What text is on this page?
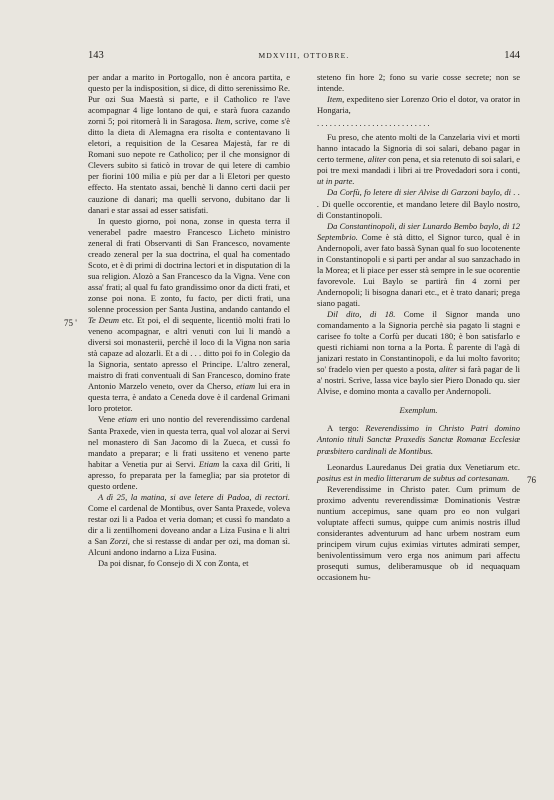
143	MDXVIII, OTTOBRE.	144
75 '
76

per andar a marito in Portogallo, non è ancora partita, e questo per la indisposition, si dice, di ditto serenissimo Re. Pur ozi Sua Maestà si parte, e il Catholico re l'ave acompagnar 4 lige lontano de qui, e starà fuora cazando zorni 5; poi ritornerà li in Saragosa. Item, scrive, come s'è ditto la dieta di Alemagna era risolta e contentavano li eletori, a requisition de la Cesarea Majestà, far re di Romani suo nepote re Catholico; per il che monsignor di Clevers subito si faticò in trovar de qui letere di cambio per fiorini 100 milia e più per dar a li Eletori per questo effecto. Ha stentato assai, benchè li danno certi dacii per cauzione di danari; ma quelli servono, dubitano dar li danari e star assai ad esser satisfati.

In questo giorno, poi nona, zonse in questa terra il venerabel padre maestro Francesco Licheto ministro zeneral di frati Observanti di San Francesco, novamente creado zeneral per la sua doctrina, el qual ha comentado Scoto, et è di primi di doctrina lectori et in disputation di la sua religion. Alozò a San Francesco da la Vigna. Vene con assa' frati; al qual fu fato grandissimo onor da dicti frati, et zonse poi nona. E zonto, fu facto, per dicti frati, una solenne procession per Santa Justina, andando cantando el Te Deum etc. Et poi, el di sequente, licentiò molti frati lo veneno acompagnar, e altri venuti con lui li mandò a diversi soi monasterii, perchè il loco di la Vigna non saria stà capaze ad alozarli. Et a di . . . ditto poi fo in Colegio da la Signoria, sentato apresso el Principe. L'altro zeneral, maistro di frati conventuali di San Francesco, domino frate Antonio Marzelo veneto, over da Cherso, etiam lui era in questa terra, è andato a Ceneda dove è il cardenal Grimani loro protetor.

Vene etiam eri uno nontio del reverendissimo cardenal Santa Praxede, vien in questa terra, qual vol alozar ai Servi nel monastero di San Jacomo di la Zueca, et cussì fo mandato a preparar; e li frati ussiteno et veneno parte habitar a Venetia pur ai Servi. Etiam la caxa dil Griti, li apresso, fo preparata per la fameglia; par sia protetor di questo ordene.

A dì 25, la matina, si ave letere di Padoa, di rectori. Come el cardenal de Montibus, over Santa Praxede, voleva restar ozi li a Padoa et veria doman; et cussì fo mandato a dir a li zentilhomeni doveano andar a Liza Fusina e li altri a San Zorzi, che si restasse di andar per ozi, ma doman sì. Alcuni andono indarno a Liza Fusina.

Da poi disnar, fo Consejo di X con Zonta, et

steteno fin hore 2; fono su varie cosse secrete; non se intende.

Item, expediteno sier Lorenzo Orio el dotor, va orator in Hongaria,

. . . . . . . . . . . . . . . . . . . . . . . . . . .

Fu preso, che atento molti de la Canzelaria vivi et morti hanno intacado la Signoria di soi salari, debano pagar in certo termene, aliter con pena, et sia retenuto di soi salari, e poi tre mexi mandadi i libri ai tre Provedadori sora i conti, ut in parte.

Da Corfù, fo letere di sier Alvise di Garzoni baylo, di . . . Di quelle occorentie, et mandano letere dil Baylo nostro, di Constantinopoli.

Da Constantinopoli, di sier Lunardo Bembo baylo, di 12 Septembrio. Come è stà ditto, el Signor turco, qual è in Andernopoli, aver fato bassà Synan qual fo suo locotenente in Constantinopoli e si parti per andar al suo sanzachado in la Morea; et li piace per esser stà sempre in le sue ocorentie favorevole. Lui Baylo se partirà fin 4 zorni per Andernopoli; li bisogna danari etc., et è trato danari; prega siano pagati.

Dil dito, di 18. Come il Signor manda uno comandamento a la Signoria perchè sia pagato li stagni e carisee fo tolte a Corfù per ducati 180; è bon satisfarlo e questi richiami non torna a la Porta. È parente di l'agà di janizari restato in Constantinopoli, e da lui molto favorito; so' fradelo vien per questo a posta, aliter si farà pagar de li a' nostri. Scrive, lassa vice baylo sier Piero Donado qu. sier Alvise, e domino monta a cavallo per Andernopoli.

Exemplum.

A tergo: Reverendissimo in Christo Patri domino Antonio tituli Sanctæ Praxedis Sanctæ Romanæ Ecclesiæ præsbitero cardinali de Montibus.

Leonardus Lauredanus Dei gratia dux Venetiarum etc. positus est in medio litterarum de subtus ad cortesanam.

Reverendissime in Christo pater. Cum primum de proximo adventu reverendissimæ Dominationis Vestræ nuntium accepimus, sane quam pro eo non vulgari voluptate affecti sumus, quippe cum animis nostris illud considerantes adventurum ad hanc urbem nostram eum principem virum cujus eximias virtutes admirati semper, benivolentissimum vero erga nos animum pari affectu prosequti sumus, deliberamusque ob id nequaquam occasionem hu-
